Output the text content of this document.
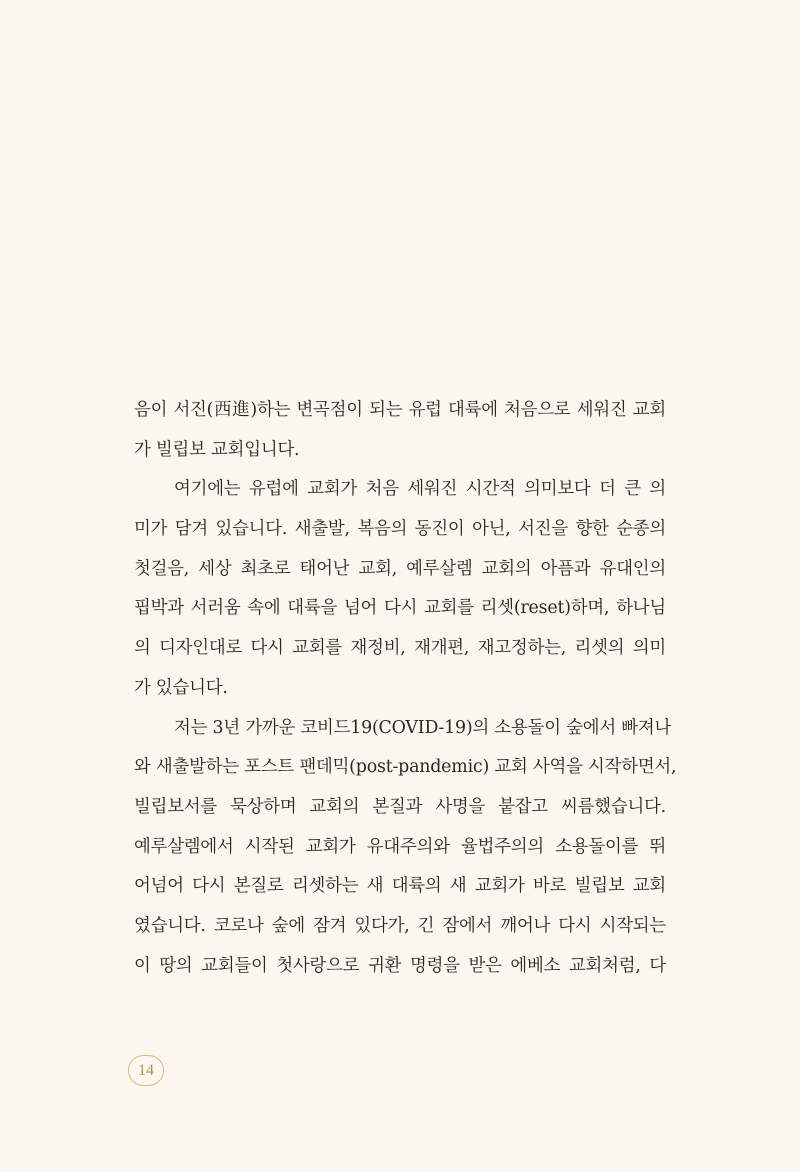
음이 서진(西進)하는 변곡점이 되는 유럽 대륙에 처음으로 세워진 교회
가 빌립보 교회입니다.
여기에는 유럽에 교회가 처음 세워진 시간적 의미보다 더 큰 의
미가 담겨 있습니다. 새출발, 복음의 동진이 아닌, 서진을 향한 순종의
첫걸음, 세상 최초로 태어난 교회, 예루살렘 교회의 아픔과 유대인의
핍박과 서러움 속에 대륙을 넘어 다시 교회를 리셋(reset)하며, 하나님
의 디자인대로 다시 교회를 재정비, 재개편, 재고정하는, 리셋의 의미
가 있습니다.
저는 3년 가까운 코비드19(COVID-19)의 소용돌이 숲에서 빠져나
와 새출발하는 포스트 팬데믹(post-pandemic) 교회 사역을 시작하면서,
빌립보서를 묵상하며 교회의 본질과 사명을 붙잡고 씨름했습니다.
예루살렘에서 시작된 교회가 유대주의와 율법주의의 소용돌이를 뛰
어넘어 다시 본질로 리셋하는 새 대륙의 새 교회가 바로 빌립보 교회
였습니다. 코로나 숲에 잠겨 있다가, 긴 잠에서 깨어나 다시 시작되는
이 땅의 교회들이 첫사랑으로 귀환 명령을 받은 에베소 교회처럼, 다
14
